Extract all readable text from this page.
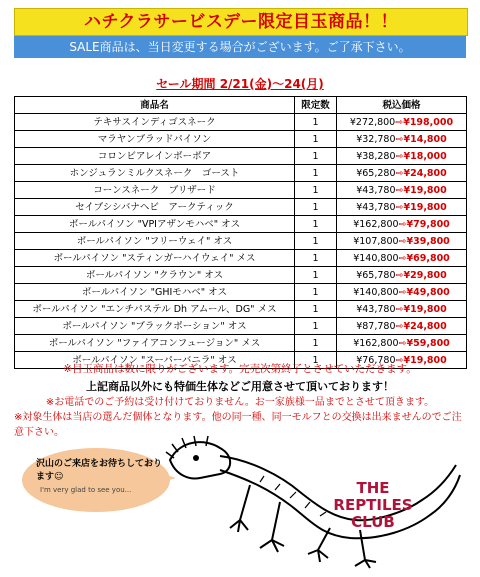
ハチクラサービスデー限定目玉商品！！
SALE商品は、当日変更する場合がございます。ご了承下さい。
セール期間 2/21(金)〜24(月)
商品名	限定数	税込価格
テキサスインディゴスネーク	1	¥272,800⇨¥198,000
マラヤンブラッドパイソン	1	¥32,780⇨¥14,800
コロンビアレインボーボア	1	¥38,280⇨¥18,000
ホンジュランミルクスネーク　ゴースト	1	¥65,280⇨¥24,800
コーンスネーク　ブリザード	1	¥43,780⇨¥19,800
セイブシシバナヘビ　アークティック	1	¥43,780⇨¥19,800
ボールパイソン "VPIアザンモハベ" オス	1	¥162,800⇨¥79,800
ボールパイソン "フリーウェイ" オス	1	¥107,800⇨¥39,800
ボールパイソン "スティンガーハイウェイ" メス	1	¥140,800⇨¥69,800
ボールパイソン "クラウン" オス	1	¥65,780⇨¥29,800
ボールパイソン "GHIモハベ" オス	1	¥140,800⇨¥49,800
ボールパイソン "エンチパステル Dh アムール、DG" メス	1	¥43,780⇨¥19,800
ボールパイソン "ブラックポーション" オス	1	¥87,780⇨¥24,800
ボールパイソン "ファイアコンフュージョン" メス	1	¥162,800⇨¥59,800
ボールパイソン "スーパーバニラ" オス	1	¥76,780⇨¥19,800
※目玉商品は数に限りがございます。完売次第終了とさせていただきます。
上記商品以外にも特価生体などご用意させて頂いております！
※お電話でのご予約は受け付けておりません。お一家族様一品までとさせて頂きます。
※対象生体は当店の選んだ個体となります。他の同一種、同一モルフとの交換は出来ませんのでご注意下さい。
沢山のご来店をお待ちしております☺
I'm very glad to see you...	THE
REPTILES
CLUB
